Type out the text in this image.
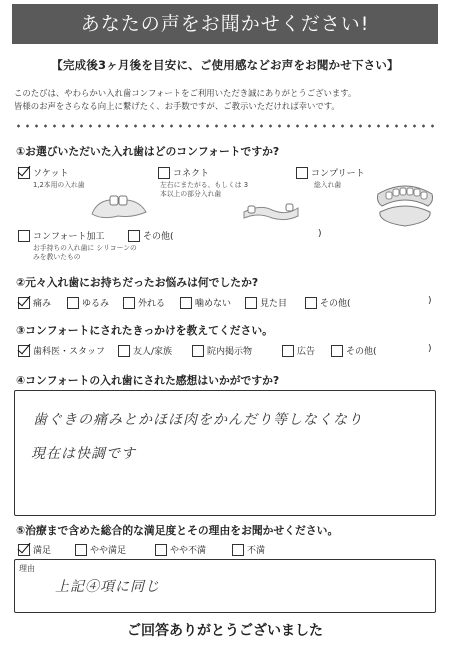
あなたの声をお聞かせください!
【完成後3ヶ月後を目安に、ご使用感などお声をお聞かせ下さい】
このたびは、やわらかい入れ歯コンフォートをご利用いただき誠にありがとうございます。
皆様のお声をさらなる向上に繋げたく、お手数ですが、ご教示いただければ幸いです。
①お選びいただいた入れ歯はどのコンフォートですか?
ソケット
1,2本用の入れ歯
コネクト
左右にまたがる、もしくは 3本以上の部分入れ歯
コンプリート
総入れ歯
コンフォート加工
お手持ちの入れ歯に シリコーンのみを教いたもの
その他(	)
②元々入れ歯にお持ちだったお悩みは何でしたか?
痛み	ゆるみ	外れる	噛めない	見た目	その他(	)
③コンフォートにされたきっかけを教えてください。
歯科医・スタッフ	友人/家族	院内掲示物	広告	その他(	)
④コンフォートの入れ歯にされた感想はいかがですか?
歯ぐきの痛みとかほほ肉をかんだり等しなくなり
現在は快調です
⑤治療まで含めた総合的な満足度とその理由をお聞かせください。
満足	やや満足	やや不満	不満
理由
上記④項に同じ
ご回答ありがとうございました
